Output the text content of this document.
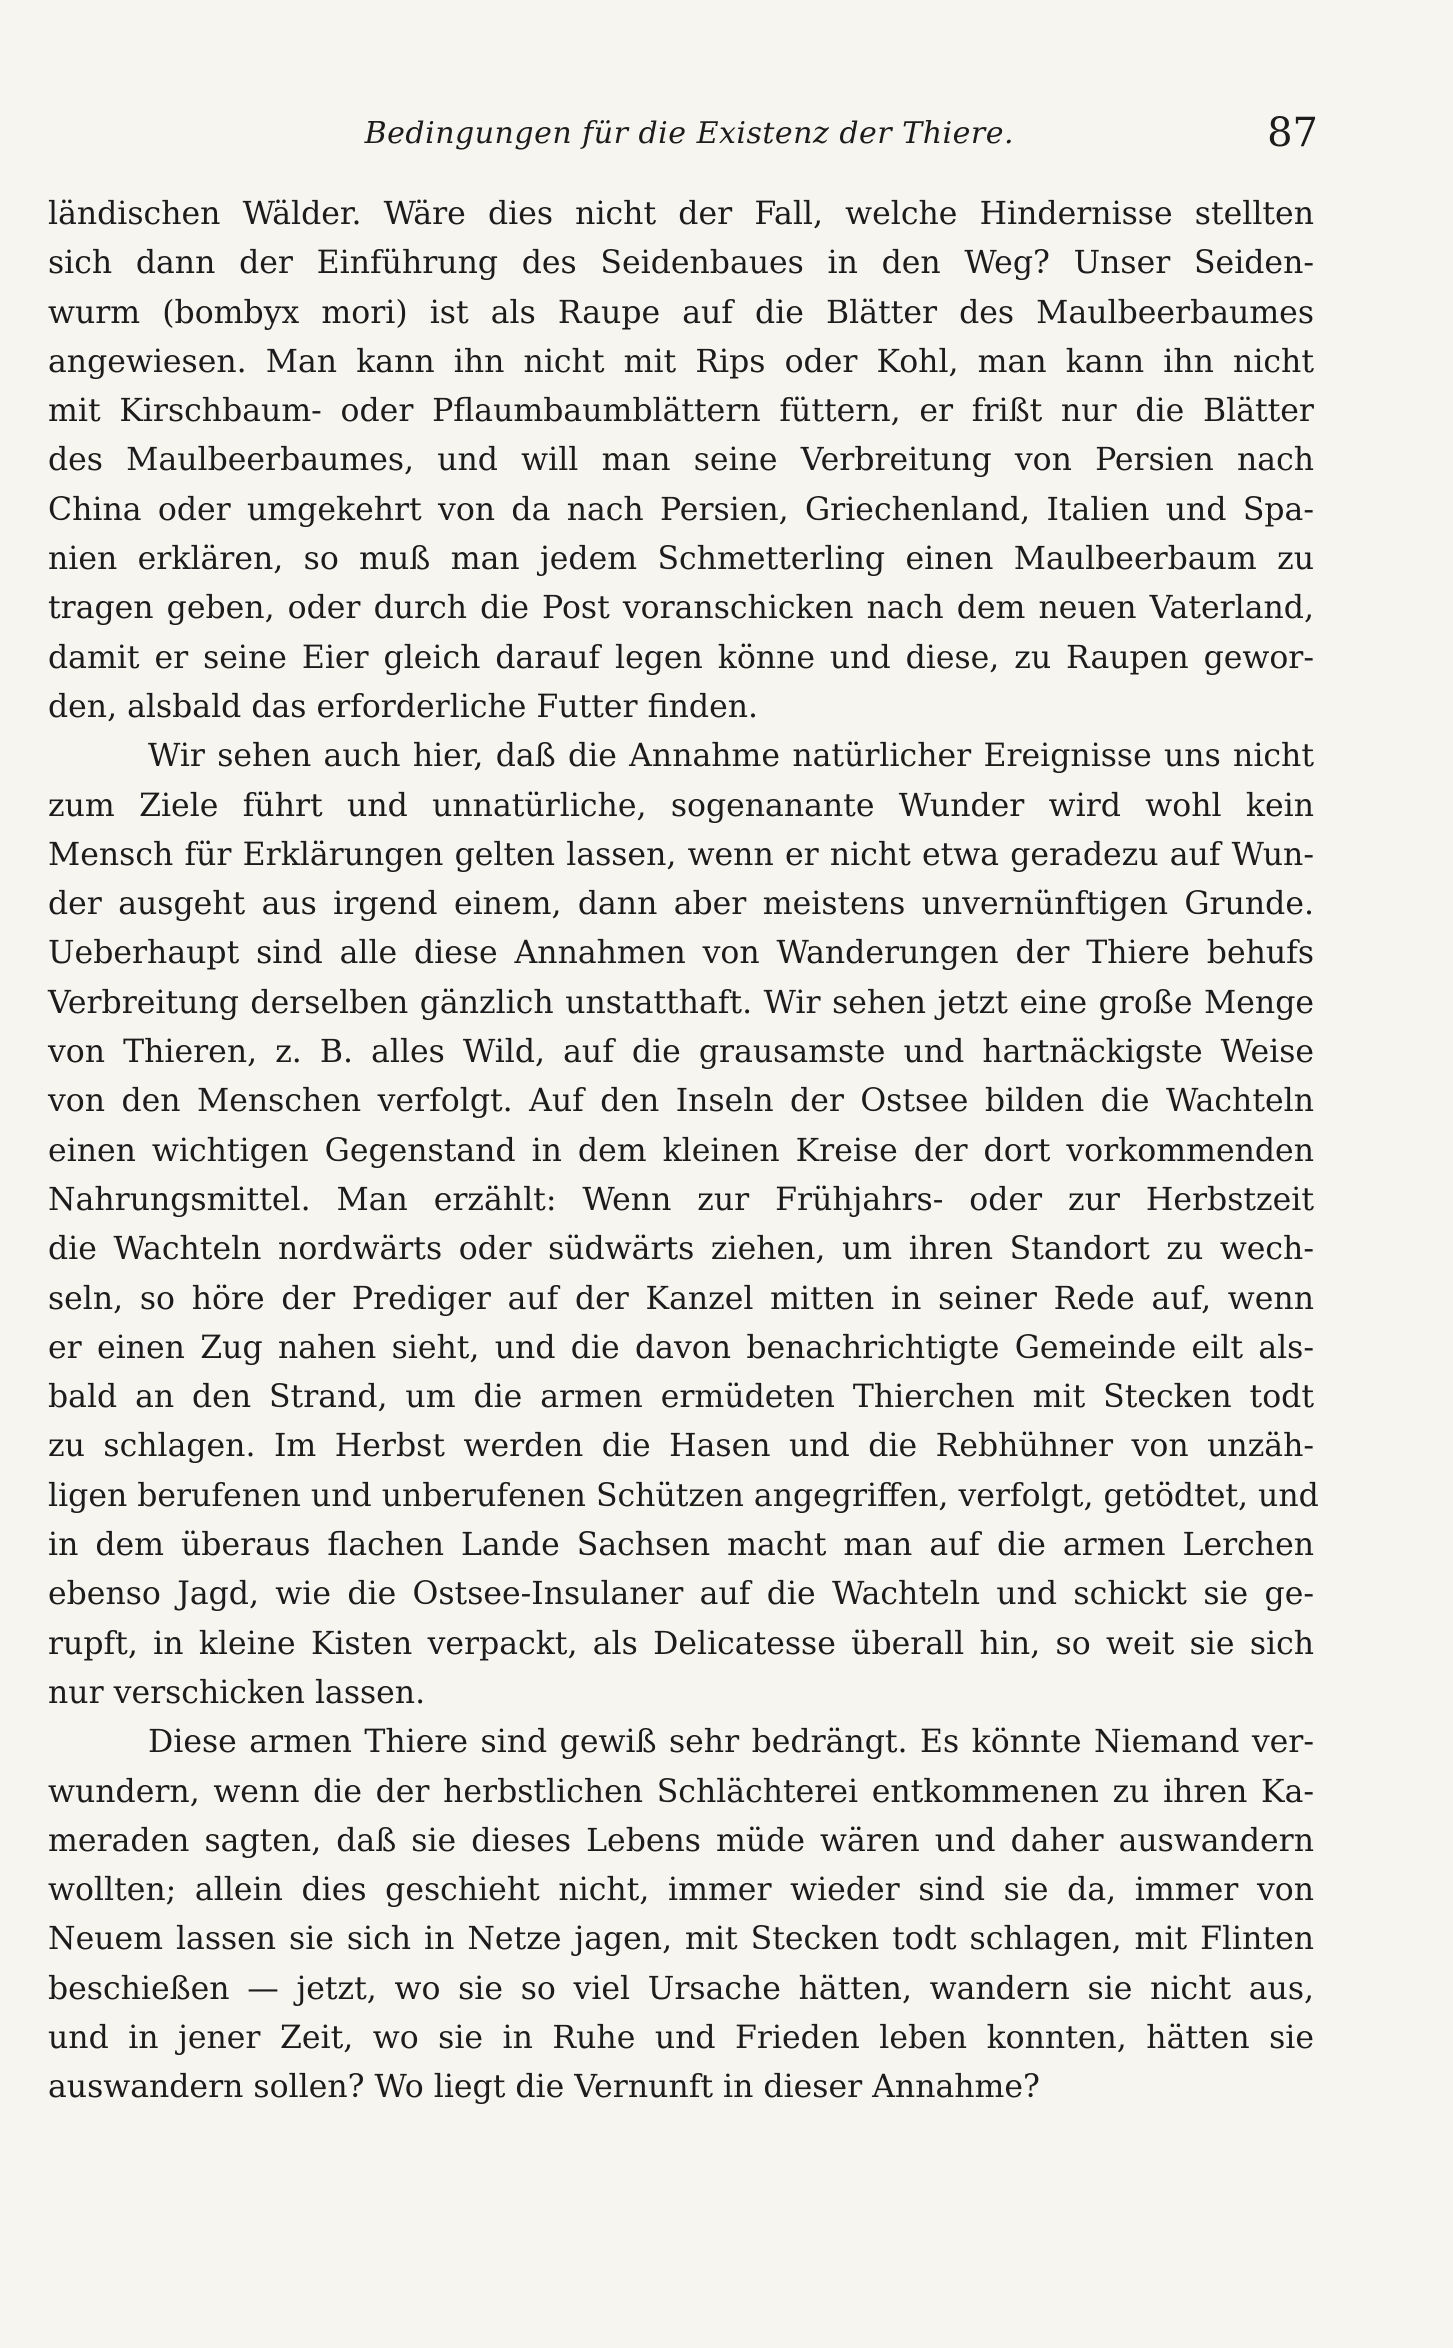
Bedingungen für die Existenz der Thiere.	87
ländischen Wälder. Wäre dies nicht der Fall, welche Hindernisse stellten
sich dann der Einführung des Seidenbaues in den Weg? Unser Seiden-
wurm (bombyx mori) ist als Raupe auf die Blätter des Maulbeerbaumes
angewiesen. Man kann ihn nicht mit Rips oder Kohl, man kann ihn nicht
mit Kirschbaum- oder Pflaumbaumblättern füttern, er frißt nur die Blätter
des Maulbeerbaumes, und will man seine Verbreitung von Persien nach
China oder umgekehrt von da nach Persien, Griechenland, Italien und Spa-
nien erklären, so muß man jedem Schmetterling einen Maulbeerbaum zu
tragen geben, oder durch die Post voranschicken nach dem neuen Vaterland,
damit er seine Eier gleich darauf legen könne und diese, zu Raupen gewor-
den, alsbald das erforderliche Futter finden.
Wir sehen auch hier, daß die Annahme natürlicher Ereignisse uns nicht
zum Ziele führt und unnatürliche, sogenanante Wunder wird wohl kein
Mensch für Erklärungen gelten lassen, wenn er nicht etwa geradezu auf Wun-
der ausgeht aus irgend einem, dann aber meistens unvernünftigen Grunde.
Ueberhaupt sind alle diese Annahmen von Wanderungen der Thiere behufs
Verbreitung derselben gänzlich unstatthaft. Wir sehen jetzt eine große Menge
von Thieren, z. B. alles Wild, auf die grausamste und hartnäckigste Weise
von den Menschen verfolgt. Auf den Inseln der Ostsee bilden die Wachteln
einen wichtigen Gegenstand in dem kleinen Kreise der dort vorkommenden
Nahrungsmittel. Man erzählt: Wenn zur Frühjahrs- oder zur Herbstzeit
die Wachteln nordwärts oder südwärts ziehen, um ihren Standort zu wech-
seln, so höre der Prediger auf der Kanzel mitten in seiner Rede auf, wenn
er einen Zug nahen sieht, und die davon benachrichtigte Gemeinde eilt als-
bald an den Strand, um die armen ermüdeten Thierchen mit Stecken todt
zu schlagen. Im Herbst werden die Hasen und die Rebhühner von unzäh-
ligen berufenen und unberufenen Schützen angegriffen, verfolgt, getödtet, und
in dem überaus flachen Lande Sachsen macht man auf die armen Lerchen
ebenso Jagd, wie die Ostsee-Insulaner auf die Wachteln und schickt sie ge-
rupft, in kleine Kisten verpackt, als Delicatesse überall hin, so weit sie sich
nur verschicken lassen.
Diese armen Thiere sind gewiß sehr bedrängt. Es könnte Niemand ver-
wundern, wenn die der herbstlichen Schlächterei entkommenen zu ihren Ka-
meraden sagten, daß sie dieses Lebens müde wären und daher auswandern
wollten; allein dies geschieht nicht, immer wieder sind sie da, immer von
Neuem lassen sie sich in Netze jagen, mit Stecken todt schlagen, mit Flinten
beschießen — jetzt, wo sie so viel Ursache hätten, wandern sie nicht aus,
und in jener Zeit, wo sie in Ruhe und Frieden leben konnten, hätten sie
auswandern sollen? Wo liegt die Vernunft in dieser Annahme?
